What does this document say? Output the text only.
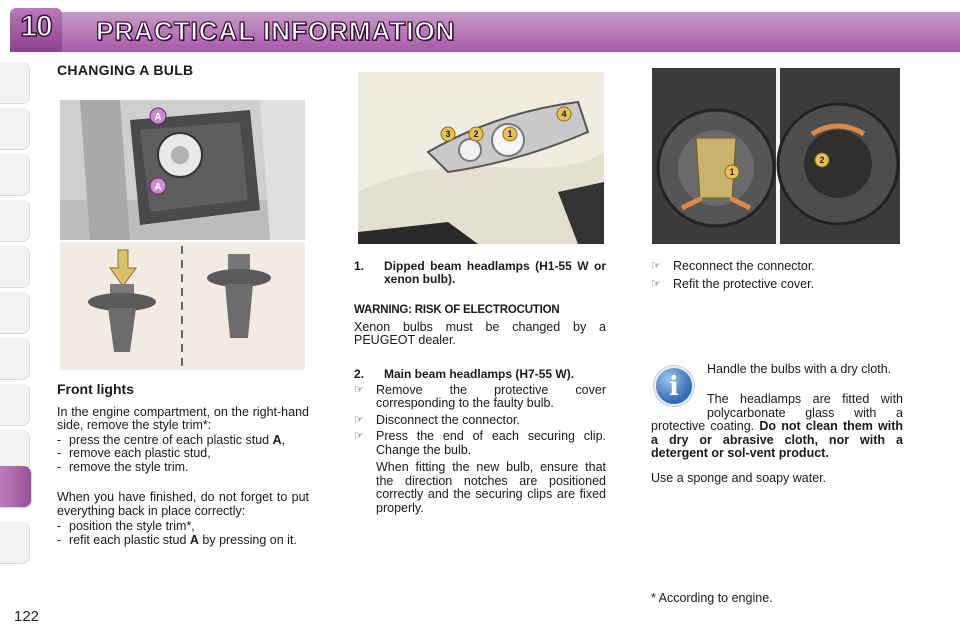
10	PRACTICAL INFORMATION
122
CHANGING A BULB
A
A
3	2	1
4
1
2

Front lights

In the engine compartment, on the right-hand side, remove the style trim*:

- press the centre of each plastic stud A,
- remove each plastic stud,
- remove the style trim.

When you have finished, do not forget to put everything back in place correctly:

- position the style trim*,
- refit each plastic stud A by pressing on it.
1.	Dipped beam headlamps (H1-55 W or xenon bulb).

WARNING: RISK OF ELECTROCUTION

Xenon bulbs must be changed by a PEUGEOT dealer.

2.	Main beam headlamps (H7-55 W).
☞ Remove the protective cover corresponding to the faulty bulb.
☞ Disconnect the connector.
☞ Press the end of each securing clip. Change the bulb.
When fitting the new bulb, ensure that the direction notches are positioned correctly and the securing clips are fixed properly.
☞ Reconnect the connector.
☞ Refit the protective cover.
i

Handle the bulbs with a dry cloth.

The headlamps are fitted with polycarbonate glass with a protective coating. Do not clean them with a dry or abrasive cloth, nor with a detergent or sol-vent product.

Use a sponge and soapy water.

* According to engine.
